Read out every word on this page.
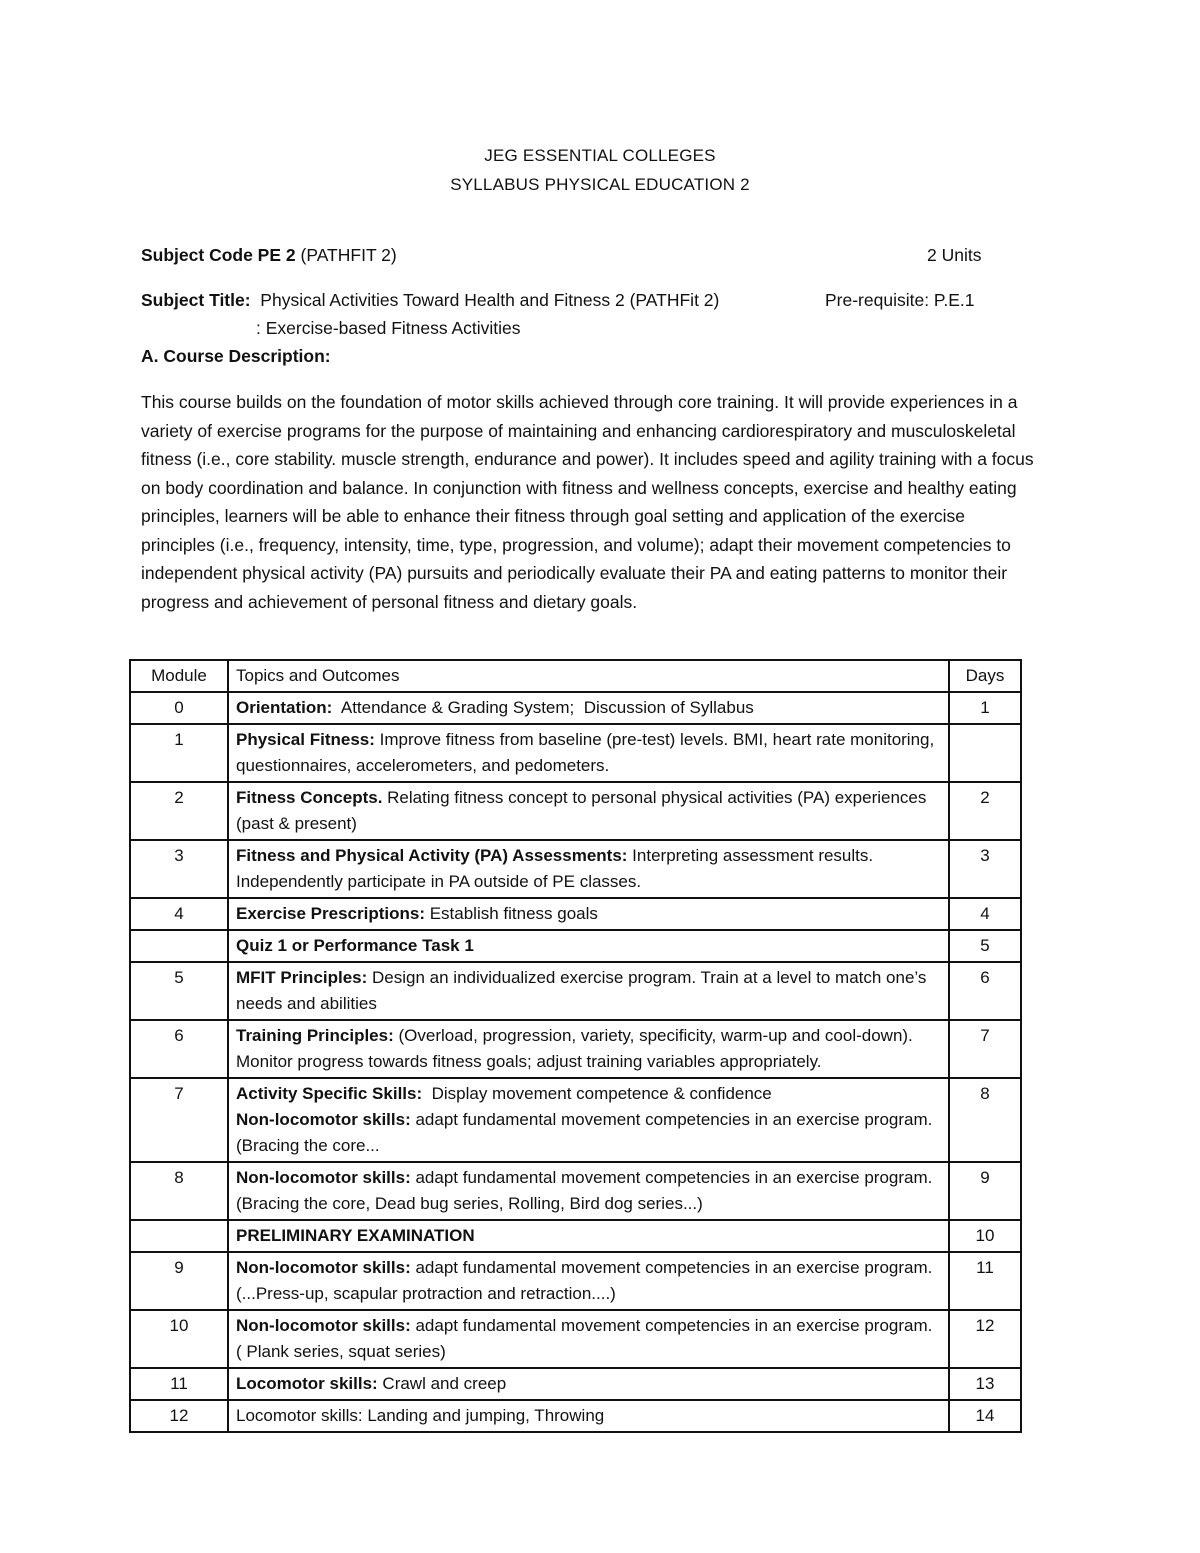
JEG ESSENTIAL COLLEGES
SYLLABUS PHYSICAL EDUCATION 2
Subject Code PE 2 (PATHFIT 2)	2 Units
Subject Title: Physical Activities Toward Health and Fitness 2 (PATHFit 2)	Pre-requisite: P.E.1
: Exercise-based Fitness Activities
A. Course Description:
This course builds on the foundation of motor skills achieved through core training. It will provide experiences in a variety of exercise programs for the purpose of maintaining and enhancing cardiorespiratory and musculoskeletal fitness (i.e., core stability. muscle strength, endurance and power). It includes speed and agility training with a focus on body coordination and balance. In conjunction with fitness and wellness concepts, exercise and healthy eating principles, learners will be able to enhance their fitness through goal setting and application of the exercise principles (i.e., frequency, intensity, time, type, progression, and volume); adapt their movement competencies to independent physical activity (PA) pursuits and periodically evaluate their PA and eating patterns to monitor their progress and achievement of personal fitness and dietary goals.
Module	Topics and Outcomes	Days
0	Orientation:  Attendance & Grading System;  Discussion of Syllabus	1
1	Physical Fitness: Improve fitness from baseline (pre-test) levels. BMI, heart rate monitoring, questionnaires, accelerometers, and pedometers.	
2	Fitness Concepts. Relating fitness concept to personal physical activities (PA) experiences (past & present)	2
3	Fitness and Physical Activity (PA) Assessments: Interpreting assessment results. Independently participate in PA outside of PE classes.	3
4	Exercise Prescriptions: Establish fitness goals	4
	Quiz 1 or Performance Task 1	5
5	MFIT Principles: Design an individualized exercise program. Train at a level to match one’s needs and abilities	6
6	Training Principles: (Overload, progression, variety, specificity, warm-up and cool-down). Monitor progress towards fitness goals; adjust training variables appropriately.	7
7	Activity Specific Skills:  Display movement competence & confidence
Non-locomotor skills: adapt fundamental movement competencies in an exercise program. (Bracing the core...	8
8	Non-locomotor skills: adapt fundamental movement competencies in an exercise program. (Bracing the core, Dead bug series, Rolling, Bird dog series...)	9
	PRELIMINARY EXAMINATION	10
9	Non-locomotor skills: adapt fundamental movement competencies in an exercise program. (...Press-up, scapular protraction and retraction....)	11
10	Non-locomotor skills: adapt fundamental movement competencies in an exercise program. ( Plank series, squat series)	12
11	Locomotor skills: Crawl and creep	13
12	Locomotor skills: Landing and jumping, Throwing	14
